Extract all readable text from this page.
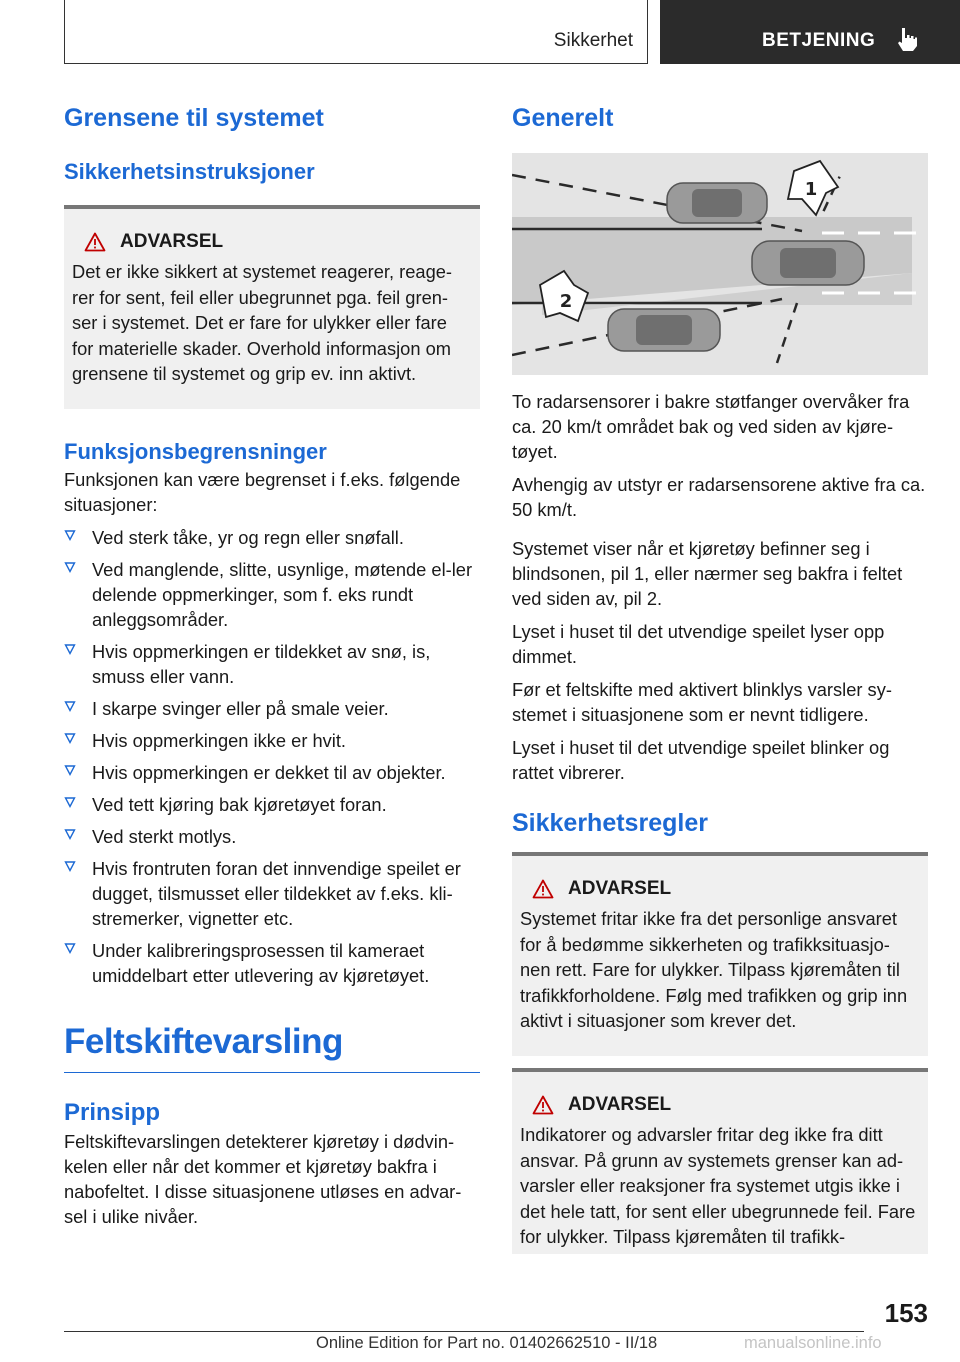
Sikkerhet	BETJENING
Grensene til systemet
Sikkerhetsinstruksjoner
ADVARSEL

Det er ikke sikkert at systemet reagerer, reage-rer for sent, feil eller ubegrunnet pga. feil gren-ser i systemet. Det er fare for ulykker eller fare for materielle skader. Overhold informasjon om grensene til systemet og grip ev. inn aktivt.

Funksjonsbegrensninger

Funksjonen kan være begrenset i f.eks. følgende situasjoner:

Ved sterk tåke, yr og regn eller snøfall.
Ved manglende, slitte, usynlige, møtende el-ler delende oppmerkinger, som f. eks rundt anleggsområder.
Hvis oppmerkingen er tildekket av snø, is, smuss eller vann.
I skarpe svinger eller på smale veier.
Hvis oppmerkingen ikke er hvit.
Hvis oppmerkingen er dekket til av objekter.
Ved tett kjøring bak kjøretøyet foran.
Ved sterkt motlys.
Hvis frontruten foran det innvendige speilet er dugget, tilsmusset eller tildekket av f.eks. kli-stremerker, vignetter etc.
Under kalibreringsprosessen til kameraet umiddelbart etter utlevering av kjøretøyet.
Feltskiftevarsling
Prinsipp

Feltskiftevarslingen detekterer kjøretøy i dødvin-kelen eller når det kommer et kjøretøy bakfra i nabofeltet. I disse situasjonene utløses en advar-sel i ulike nivåer.

Generelt
1
2

To radarsensorer i bakre støtfanger overvåker fra ca. 20 km/t området bak og ved siden av kjøre-tøyet.

Avhengig av utstyr er radarsensorene aktive fra ca. 50 km/t.

Systemet viser når et kjøretøy befinner seg i blindsonen, pil 1, eller nærmer seg bakfra i feltet ved siden av, pil 2.

Lyset i huset til det utvendige speilet lyser opp dimmet.

Før et feltskifte med aktivert blinklys varsler sy-stemet i situasjonene som er nevnt tidligere.

Lyset i huset til det utvendige speilet blinker og rattet vibrerer.

Sikkerhetsregler
ADVARSEL

Systemet fritar ikke fra det personlige ansvaret for å bedømme sikkerheten og trafikksituasjo-nen rett. Fare for ulykker. Tilpass kjøremåten til trafikkforholdene. Følg med trafikken og grip inn aktivt i situasjoner som krever det.

ADVARSEL

Indikatorer og advarsler fritar deg ikke fra ditt ansvar. På grunn av systemets grenser kan ad-varsler eller reaksjoner fra systemet utgis ikke i det hele tatt, for sent eller ubegrunnede feil. Fare for ulykker. Tilpass kjøremåten til trafikk-

153
Online Edition for Part no. 01402662510 - II/18	manualsonline.info
